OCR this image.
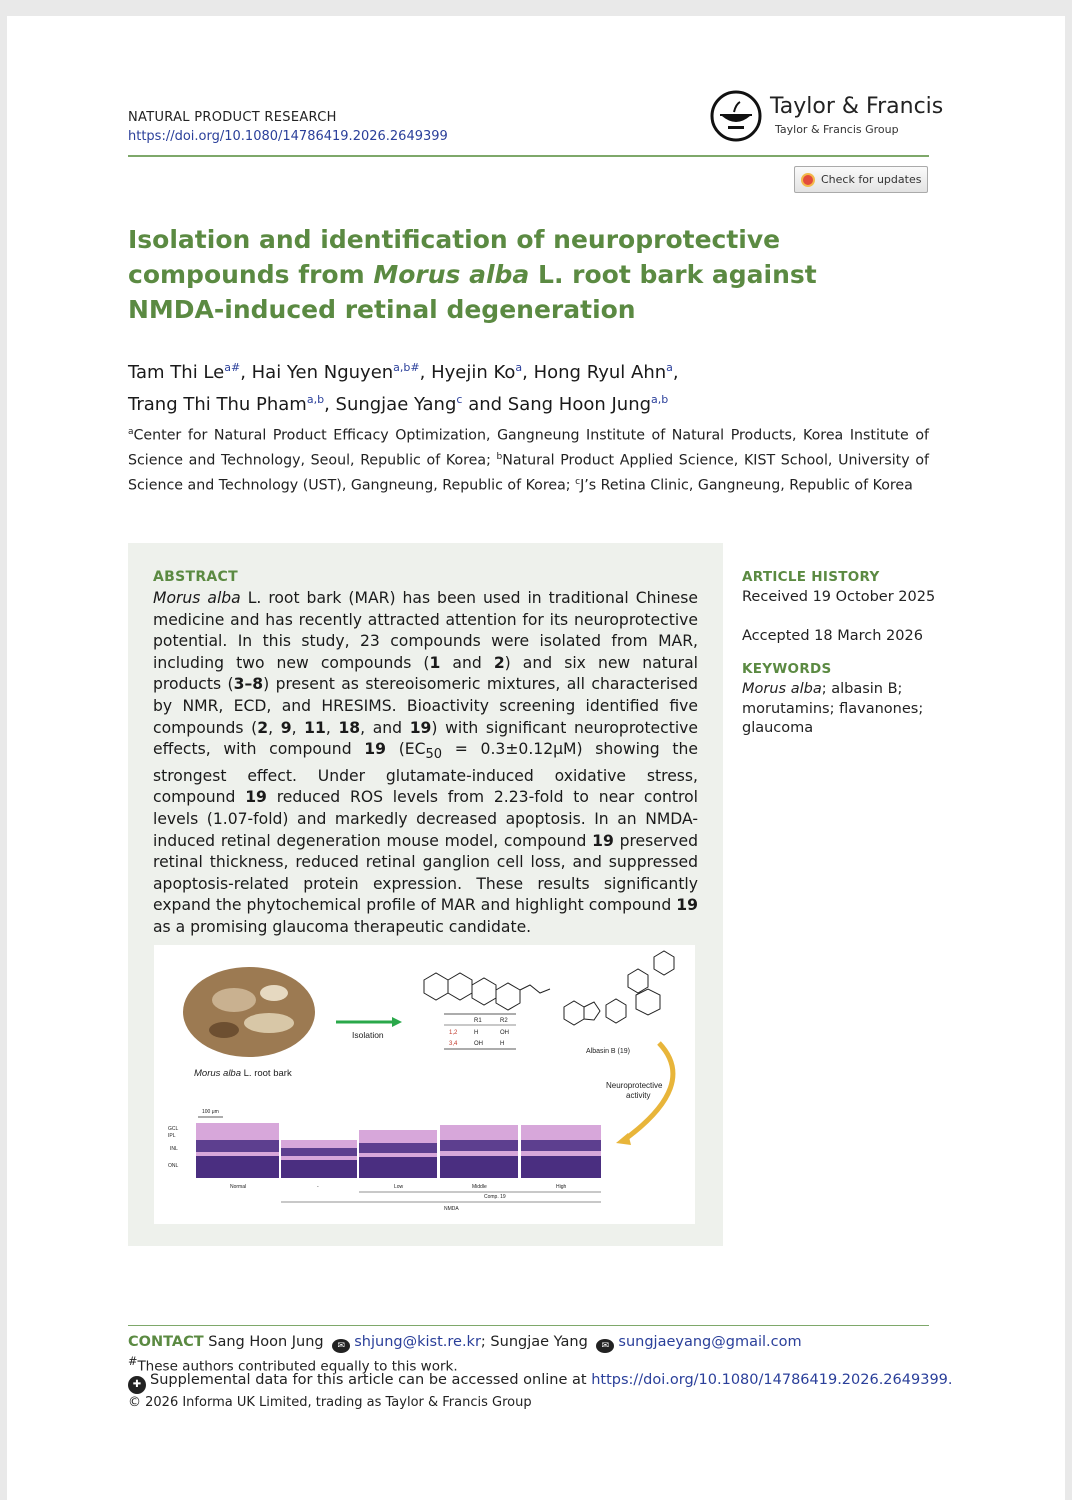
NATURAL PRODUCT RESEARCH
https://doi.org/10.1080/14786419.2026.2649399
Taylor & Francis
Taylor & Francis Group
Check for updates
Isolation and identification of neuroprotective compounds from Morus alba L. root bark against NMDA-induced retinal degeneration
Tam Thi $Le^{a\#}$, Hai Yen Nguyen$^{a,b\#}$, Hyejin Ko$^a$, Hong Ryul Ahn$^a$,
Trang Thi Thu Pham$^{a,b}$, Sungjae Yang$^c$ and Sang Hoon Jung$^{a,b}$
$^a$Center for Natural Product Efficacy Optimization, Gangneung Institute of Natural Products, Korea Institute of Science and Technology, Seoul, Republic of Korea; $^b$Natural Product Applied Science, KIST School, University of Science and Technology (UST), Gangneung, Republic of Korea; $^c$J’s Retina Clinic, Gangneung, Republic of Korea
ABSTRACT
Morus alba L. root bark (MAR) has been used in traditional Chinese medicine and has recently attracted attention for its neuroprotective potential. In this study, 23 compounds were isolated from MAR, including two new compounds (1 and 2) and six new natural products (3–8) present as stereoisomeric mixtures, all characterised by NMR, ECD, and HRESIMS. Bioactivity screening identified five compounds (2, 9, 11, 18, and 19) with significant neuroprotective effects, with compound 19 $(EC_{50} = 0.3\pm 0.12\mu M)$ showing the strongest effect. Under glutamate-induced oxidative stress, compound 19 reduced ROS levels from 2.23-fold to near control levels (1.07-fold) and markedly decreased apoptosis. In an NMDA-induced retinal degeneration mouse model, compound 19 preserved retinal thickness, reduced retinal ganglion cell loss, and suppressed apoptosis-related protein expression. These results significantly expand the phytochemical profile of MAR and highlight compound 19 as a promising glaucoma therapeutic candidate.
Morus alba L. root bark
Isolation
R1	R2
1,2	H	OH
3,4	OH	H
Albasin B (19)
Neuroprotective
activity
100 μm
GCL
IPL
INL
ONL
Normal	-	Low	Middle	High
Comp. 19
NMDA
ARTICLE HISTORY
Received 19 October 2025
Accepted 18 March 2026
KEYWORDS
Morus alba; albasin B; morutamins; flavanones; glaucoma
CONTACT Sang Hoon Jung ✉ shjung@kist.re.kr; Sungjae Yang ✉ sungjaeyang@gmail.com
#These authors contributed equally to this work.
✚ Supplemental data for this article can be accessed online at https://doi.org/10.1080/14786419.2026.2649399.
© 2026 Informa UK Limited, trading as Taylor & Francis Group
